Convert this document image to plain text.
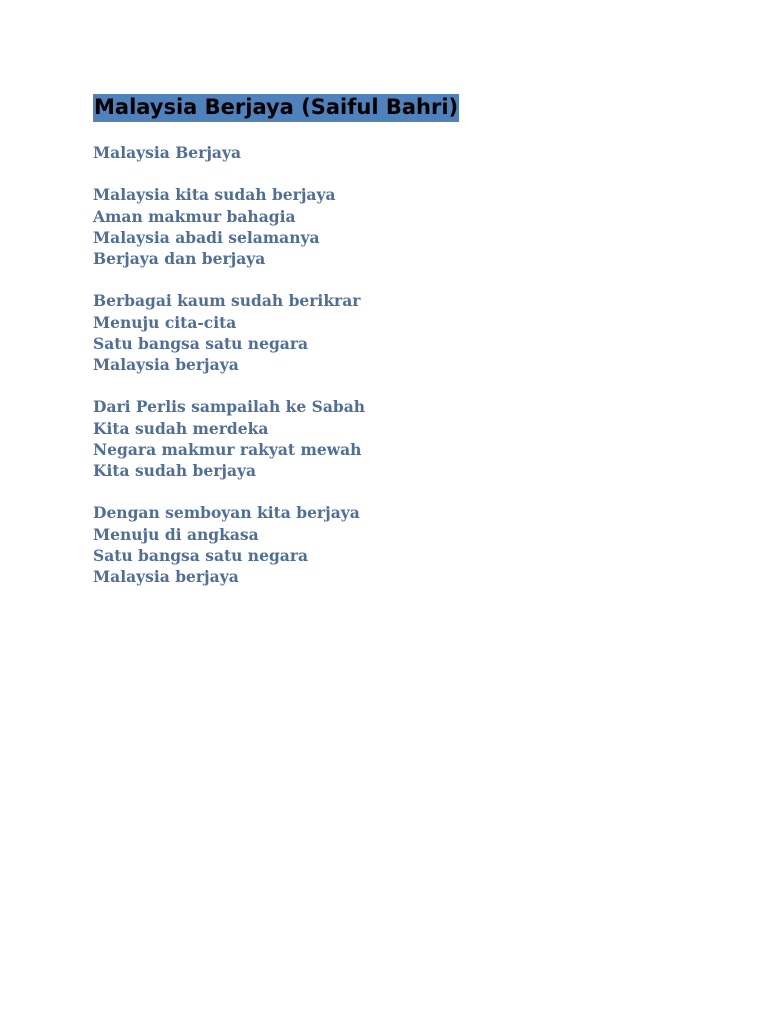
Malaysia Berjaya (Saiful Bahri)
Malaysia Berjaya
Malaysia kita sudah berjaya
Aman makmur bahagia
Malaysia abadi selamanya
Berjaya dan berjaya
Berbagai kaum sudah berikrar
Menuju cita-cita
Satu bangsa satu negara
Malaysia berjaya
Dari Perlis sampailah ke Sabah
Kita sudah merdeka
Negara makmur rakyat mewah
Kita sudah berjaya
Dengan semboyan kita berjaya
Menuju di angkasa
Satu bangsa satu negara
Malaysia berjaya
